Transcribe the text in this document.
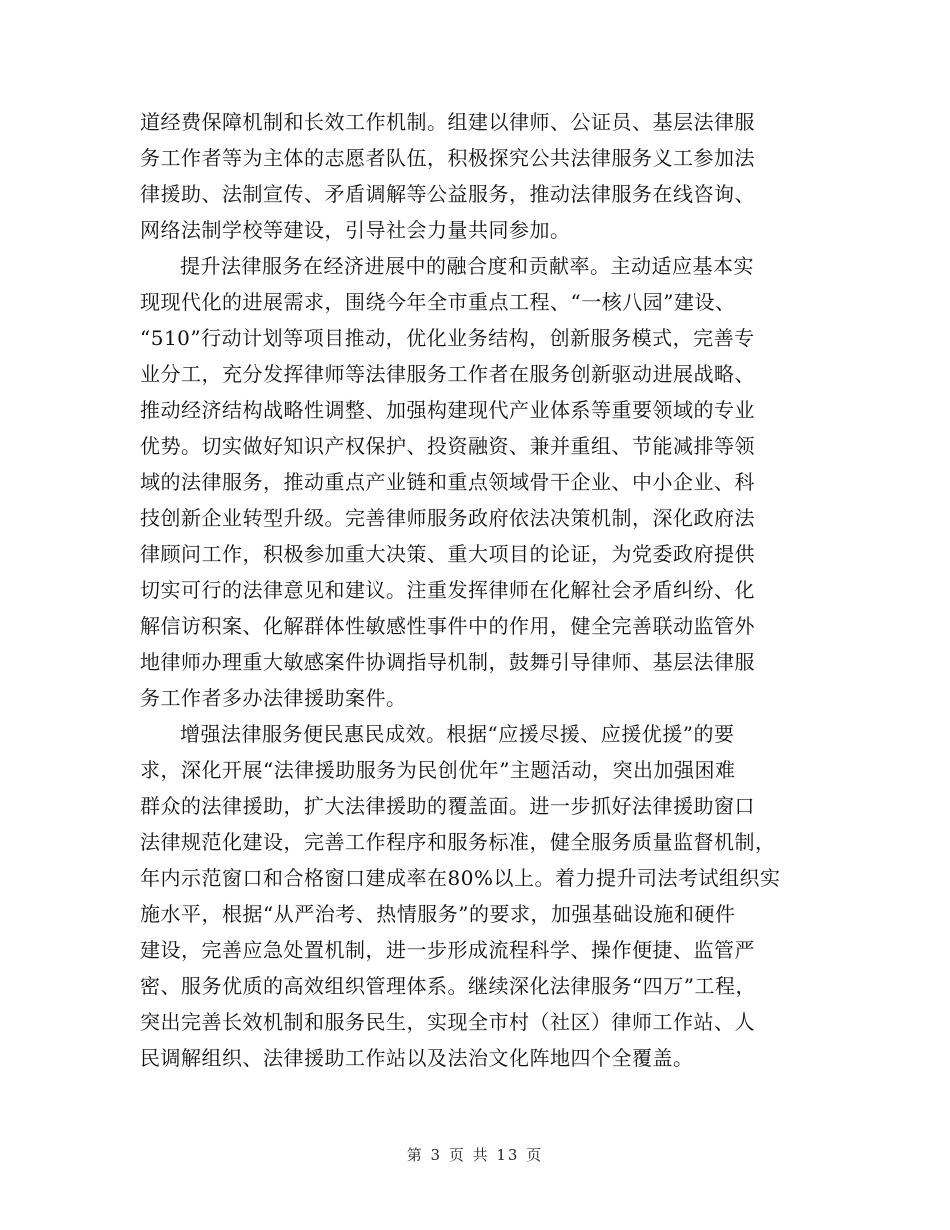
道经费保障机制和长效工作机制。组建以律师、公证员、基层法律服
务工作者等为主体的志愿者队伍，积极探究公共法律服务义工参加法
律援助、法制宣传、矛盾调解等公益服务，推动法律服务在线咨询、
网络法制学校等建设，引导社会力量共同参加。
提升法律服务在经济进展中的融合度和贡献率。主动适应基本实
现现代化的进展需求，围绕今年全市重点工程、“一核八园”建设、
“510”行动计划等项目推动，优化业务结构，创新服务模式，完善专
业分工，充分发挥律师等法律服务工作者在服务创新驱动进展战略、
推动经济结构战略性调整、加强构建现代产业体系等重要领域的专业
优势。切实做好知识产权保护、投资融资、兼并重组、节能减排等领
域的法律服务，推动重点产业链和重点领域骨干企业、中小企业、科
技创新企业转型升级。完善律师服务政府依法决策机制，深化政府法
律顾问工作，积极参加重大决策、重大项目的论证，为党委政府提供
切实可行的法律意见和建议。注重发挥律师在化解社会矛盾纠纷、化
解信访积案、化解群体性敏感性事件中的作用，健全完善联动监管外
地律师办理重大敏感案件协调指导机制，鼓舞引导律师、基层法律服
务工作者多办法律援助案件。
增强法律服务便民惠民成效。根据“应援尽援、应援优援”的要
求，深化开展“法律援助服务为民创优年”主题活动，突出加强困难
群众的法律援助，扩大法律援助的覆盖面。进一步抓好法律援助窗口
法律规范化建设，完善工作程序和服务标准，健全服务质量监督机制，
年内示范窗口和合格窗口建成率在80%以上。着力提升司法考试组织实
施水平，根据“从严治考、热情服务”的要求，加强基础设施和硬件
建设，完善应急处置机制，进一步形成流程科学、操作便捷、监管严
密、服务优质的高效组织管理体系。继续深化法律服务“四万”工程，
突出完善长效机制和服务民生，实现全市村（社区）律师工作站、人
民调解组织、法律援助工作站以及法治文化阵地四个全覆盖。
第 3 页 共 13 页
